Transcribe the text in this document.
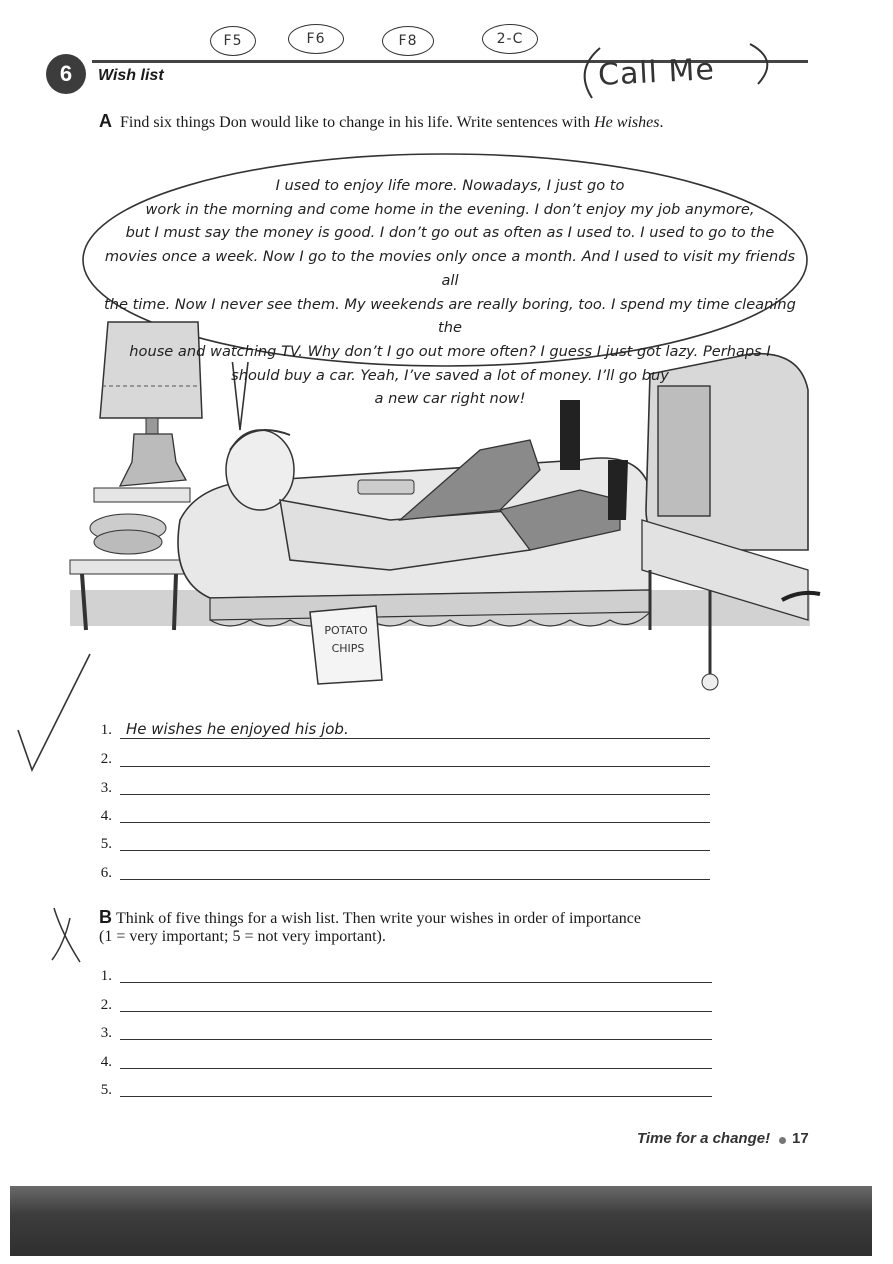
6	Wish list
F5	F6	F8	2-C
Call Me
A Find six things Don would like to change in his life. Write sentences with He wishes.
POTATO
CHIPS
I used to enjoy life more. Nowadays, I just go to
work in the morning and come home in the evening. I don’t enjoy my job anymore,
but I must say the money is good. I don’t go out as often as I used to. I used to go to the
movies once a week. Now I go to the movies only once a month. And I used to visit my friends all
the time. Now I never see them. My weekends are really boring, too. I spend my time cleaning the
house and watching TV. Why don’t I go out more often? I guess I just got lazy. Perhaps I
should buy a car. Yeah, I’ve saved a lot of money. I’ll go buy
a new car right now!
1. He wishes he enjoyed his job.
2.
3.
4.
5.
6.
B Think of five things for a wish list. Then write your wishes in order of importance
(1 = very important; 5 = not very important).
1.
2.
3.
4.
5.
Time for a change! 17
